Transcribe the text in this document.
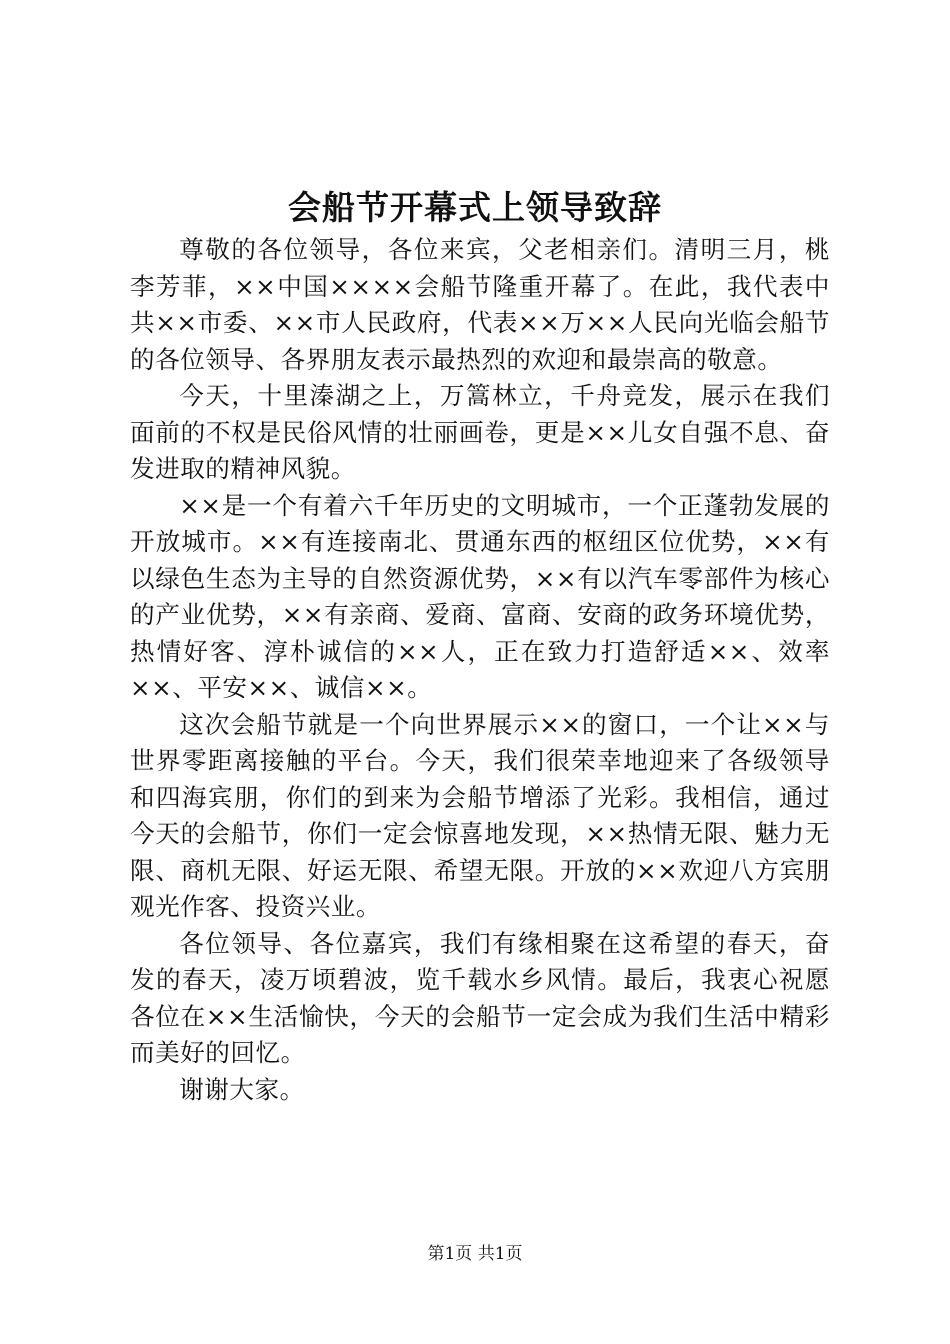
会船节开幕式上领导致辞

尊敬的各位领导，各位来宾，父老相亲们。清明三月，桃李芳菲，××中国××××会船节隆重开幕了。在此，我代表中共××市委、××市人民政府，代表××万××人民向光临会船节的各位领导、各界朋友表示最热烈的欢迎和最崇高的敬意。

今天，十里溱湖之上，万篙林立，千舟竞发，展示在我们面前的不权是民俗风情的壮丽画卷，更是××儿女自强不息、奋发进取的精神风貌。

××是一个有着六千年历史的文明城市，一个正蓬勃发展的开放城市。××有连接南北、贯通东西的枢纽区位优势，××有以绿色生态为主导的自然资源优势，××有以汽车零部件为核心的产业优势，××有亲商、爱商、富商、安商的政务环境优势，热情好客、淳朴诚信的××人，正在致力打造舒适××、效率××、平安××、诚信××。

这次会船节就是一个向世界展示××的窗口，一个让××与世界零距离接触的平台。今天，我们很荣幸地迎来了各级领导和四海宾朋，你们的到来为会船节增添了光彩。我相信，通过今天的会船节，你们一定会惊喜地发现，××热情无限、魅力无限、商机无限、好运无限、希望无限。开放的××欢迎八方宾朋观光作客、投资兴业。

各位领导、各位嘉宾，我们有缘相聚在这希望的春天，奋发的春天，凌万顷碧波，览千载水乡风情。最后，我衷心祝愿各位在××生活愉快，今天的会船节一定会成为我们生活中精彩而美好的回忆。

谢谢大家。

第1页 共1页
